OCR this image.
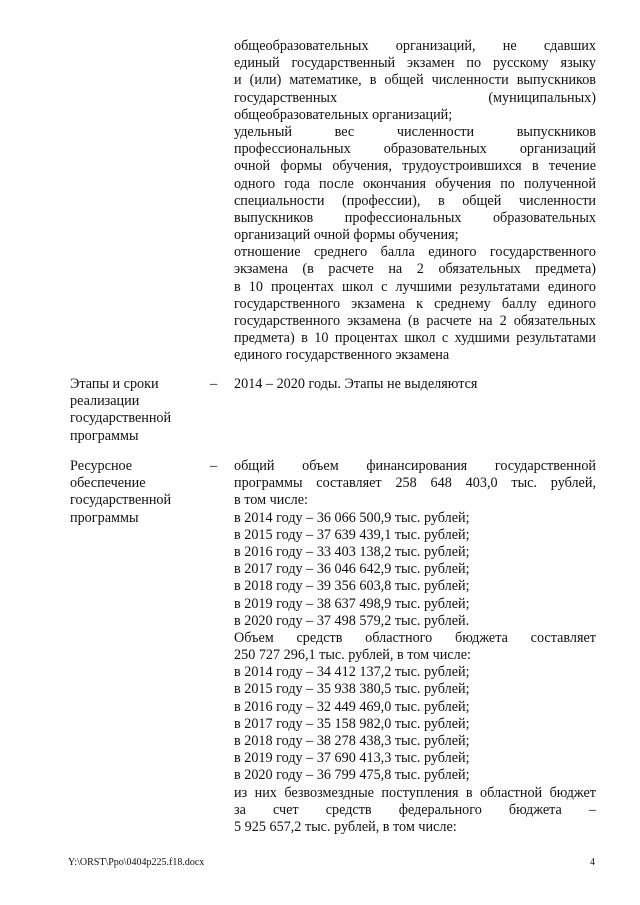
общеобразовательных организаций, не сдавших
единый государственный экзамен по русскому языку
и (или) математике, в общей численности выпускников
государственных (муниципальных)
общеобразовательных организаций;
удельный вес численности выпускников
профессиональных образовательных организаций
очной формы обучения, трудоустроившихся в течение
одного года после окончания обучения по полученной
специальности (профессии), в общей численности
выпускников профессиональных образовательных
организаций очной формы обучения;
отношение среднего балла единого государственного
экзамена (в расчете на 2 обязательных предмета)
в 10 процентах школ с лучшими результатами единого
государственного экзамена к среднему баллу единого
государственного экзамена (в расчете на 2 обязательных
предмета) в 10 процентах школ с худшими результатами
единого государственного экзамена
Этапы и сроки
реализации
государственной
программы
– 2014 – 2020 годы. Этапы не выделяются
Ресурсное
обеспечение
государственной
программы
– общий объем финансирования государственной
программы составляет 258 648 403,0 тыс. рублей,
в том числе:
в 2014 году – 36 066 500,9 тыс. рублей;
в 2015 году – 37 639 439,1 тыс. рублей;
в 2016 году – 33 403 138,2 тыс. рублей;
в 2017 году – 36 046 642,9 тыс. рублей;
в 2018 году – 39 356 603,8 тыс. рублей;
в 2019 году – 38 637 498,9 тыс. рублей;
в 2020 году – 37 498 579,2 тыс. рублей.
Объем средств областного бюджета составляет
250 727 296,1 тыс. рублей, в том числе:
в 2014 году – 34 412 137,2 тыс. рублей;
в 2015 году – 35 938 380,5 тыс. рублей;
в 2016 году – 32 449 469,0 тыс. рублей;
в 2017 году – 35 158 982,0 тыс. рублей;
в 2018 году – 38 278 438,3 тыс. рублей;
в 2019 году – 37 690 413,3 тыс. рублей;
в 2020 году – 36 799 475,8 тыс. рублей;
из них безвозмездные поступления в областной бюджет
за счет средств федерального бюджета –
5 925 657,2 тыс. рублей, в том числе:
Y:\ORST\Ppo\0404p225.f18.docx	4
